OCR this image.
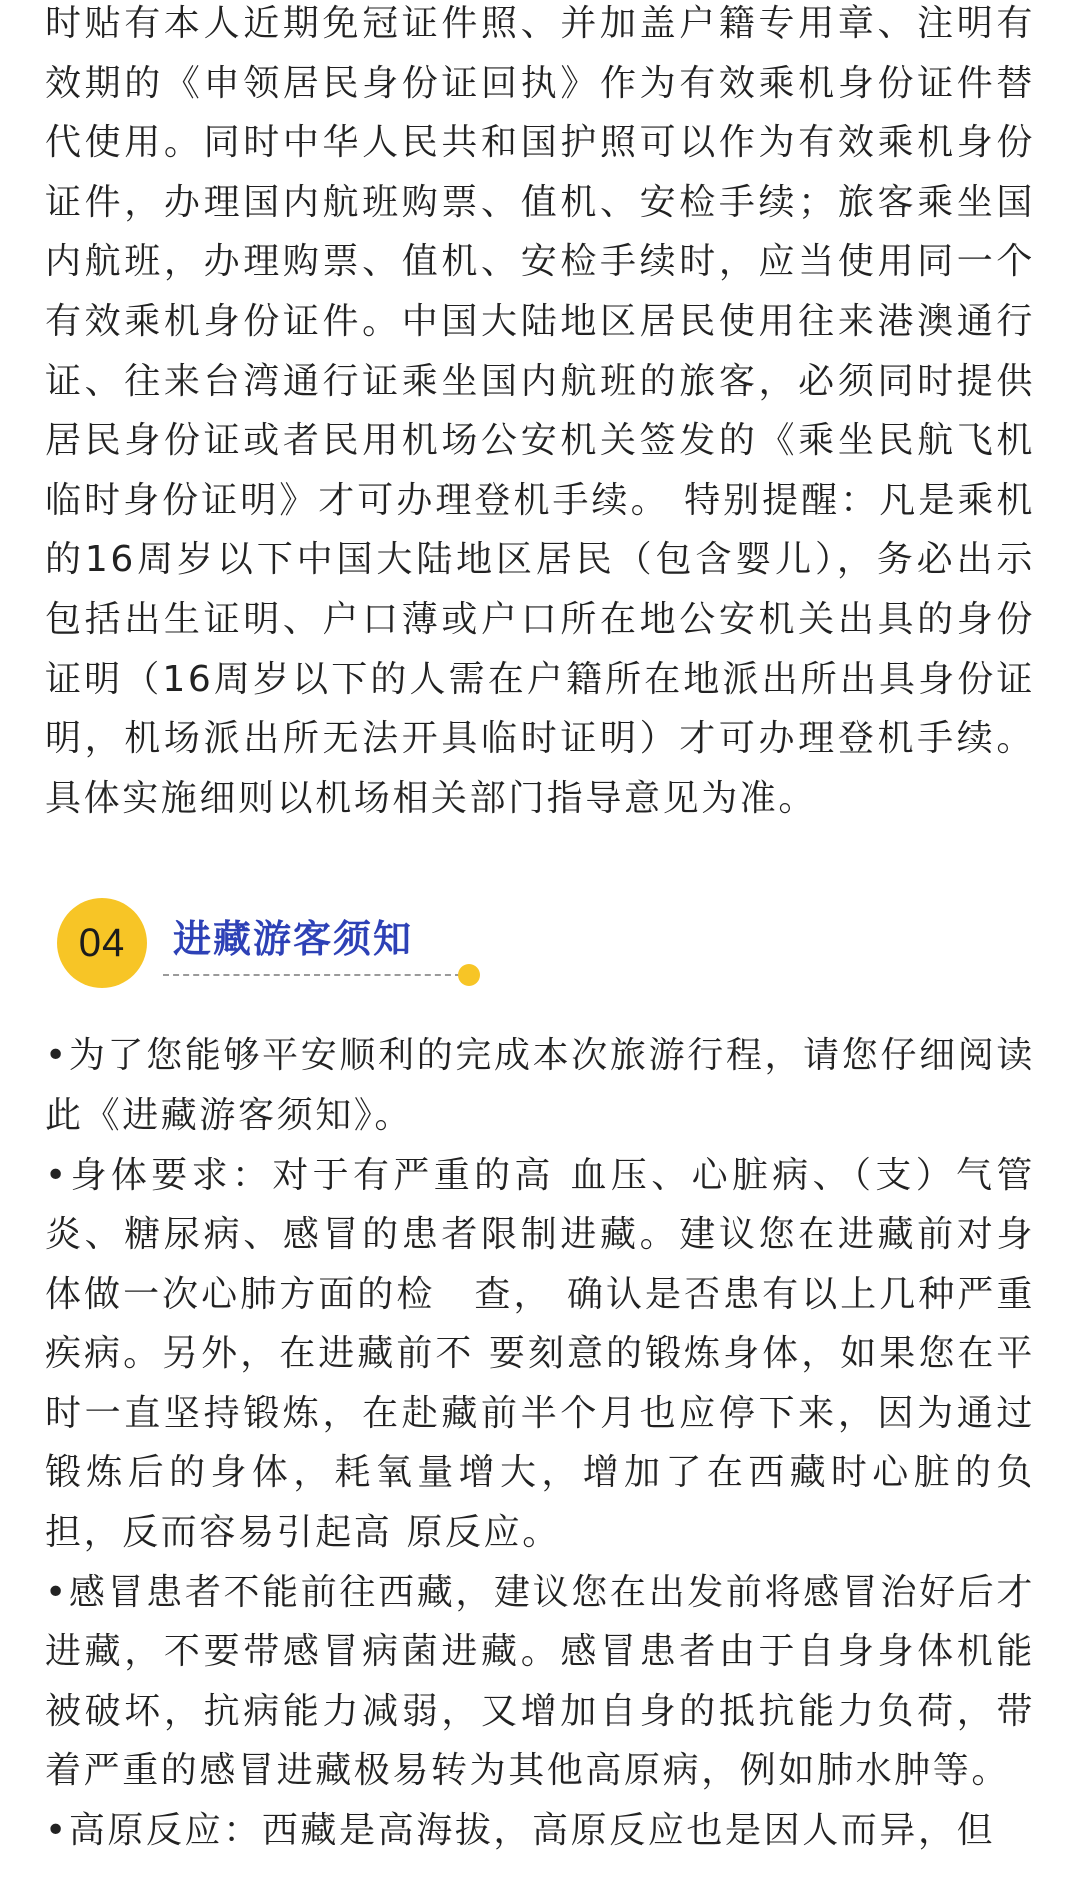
时贴有本人近期免冠证件照、并加盖户籍专用章、注明有效期的《申领居民身份证回执》作为有效乘机身份证件替代使用。同时中华人民共和国护照可以作为有效乘机身份证件，办理国内航班购票、值机、安检手续；旅客乘坐国内航班，办理购票、值机、安检手续时，应当使用同一个有效乘机身份证件。中国大陆地区居民使用往来港澳通行证、往来台湾通行证乘坐国内航班的旅客，必须同时提供居民身份证或者民用机场公安机关签发的《乘坐民航飞机临时身份证明》才可办理登机手续。 特别提醒：凡是乘机的16周岁以下中国大陆地区居民（包含婴儿），务必出示包括出生证明、户口薄或户口所在地公安机关出具的身份证明（16周岁以下的人需在户籍所在地派出所出具身份证明，机场派出所无法开具临时证明）才可办理登机手续。 具体实施细则以机场相关部门指导意见为准。

04	进藏游客须知

•为了您能够平安顺利的完成本次旅游行程，请您仔细阅读此《进藏游客须知》。

•身体要求：对于有严重的高 血压、心脏病、（支）气管炎、糖尿病、感冒的患者限制进藏。建议您在进藏前对身体做一次心肺方面的检　查， 确认是否患有以上几种严重疾病。另外，在进藏前不 要刻意的锻炼身体，如果您在平时一直坚持锻炼，在赴藏前半个月也应停下来，因为通过锻炼后的身体，耗氧量增大，增加了在西藏时心脏的负担，反而容易引起高 原反应。

•感冒患者不能前往西藏，建议您在出发前将感冒治好后才进藏，不要带感冒病菌进藏。感冒患者由于自身身体机能被破坏，抗病能力减弱，又增加自身的抵抗能力负荷，带着严重的感冒进藏极易转为其他高原病，例如肺水肿等。

•高原反应：西藏是高海拔，高原反应也是因人而异，但
